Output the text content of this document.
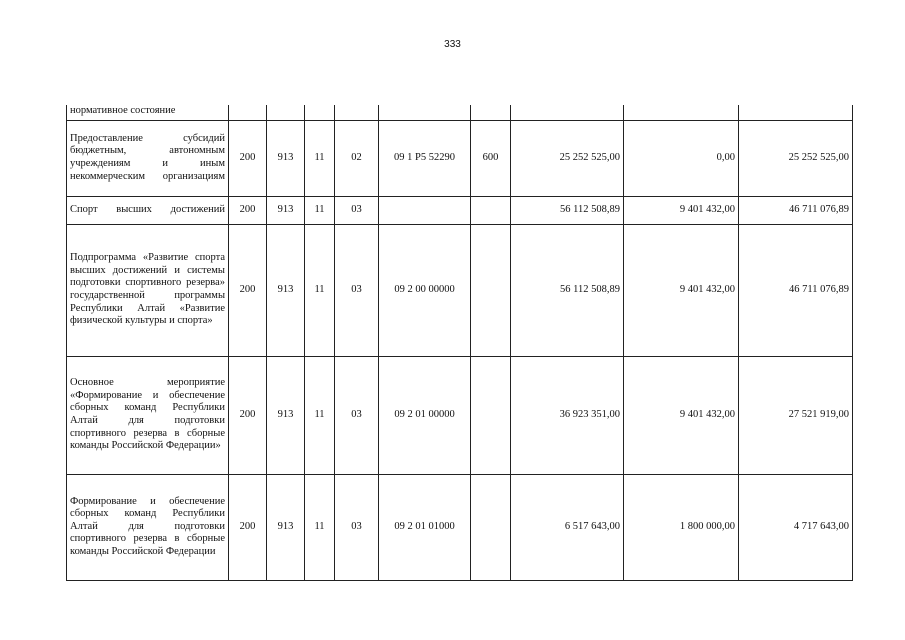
333
нормативное состояние									
Предоставление субсидий бюджетным, автономным учреждениям и иным некоммерческим организациям	200	913	11	02	09 1 P5 52290	600	25 252 525,00	0,00	25 252 525,00
Спорт высших достижений	200	913	11	03			56 112 508,89	9 401 432,00	46 711 076,89
Подпрограмма «Развитие спорта высших достижений и системы подготовки спортивного резерва» государственной программы Республики Алтай «Развитие физической культуры и спорта»	200	913	11	03	09 2 00 00000		56 112 508,89	9 401 432,00	46 711 076,89
Основное мероприятие «Формирование и обеспечение сборных команд Республики Алтай для подготовки спортивного резерва в сборные команды Российской Федерации»	200	913	11	03	09 2 01 00000		36 923 351,00	9 401 432,00	27 521 919,00
Формирование и обеспечение сборных команд Республики Алтай для подготовки спортивного резерва в сборные команды Российской Федерации	200	913	11	03	09 2 01 01000		6 517 643,00	1 800 000,00	4 717 643,00
